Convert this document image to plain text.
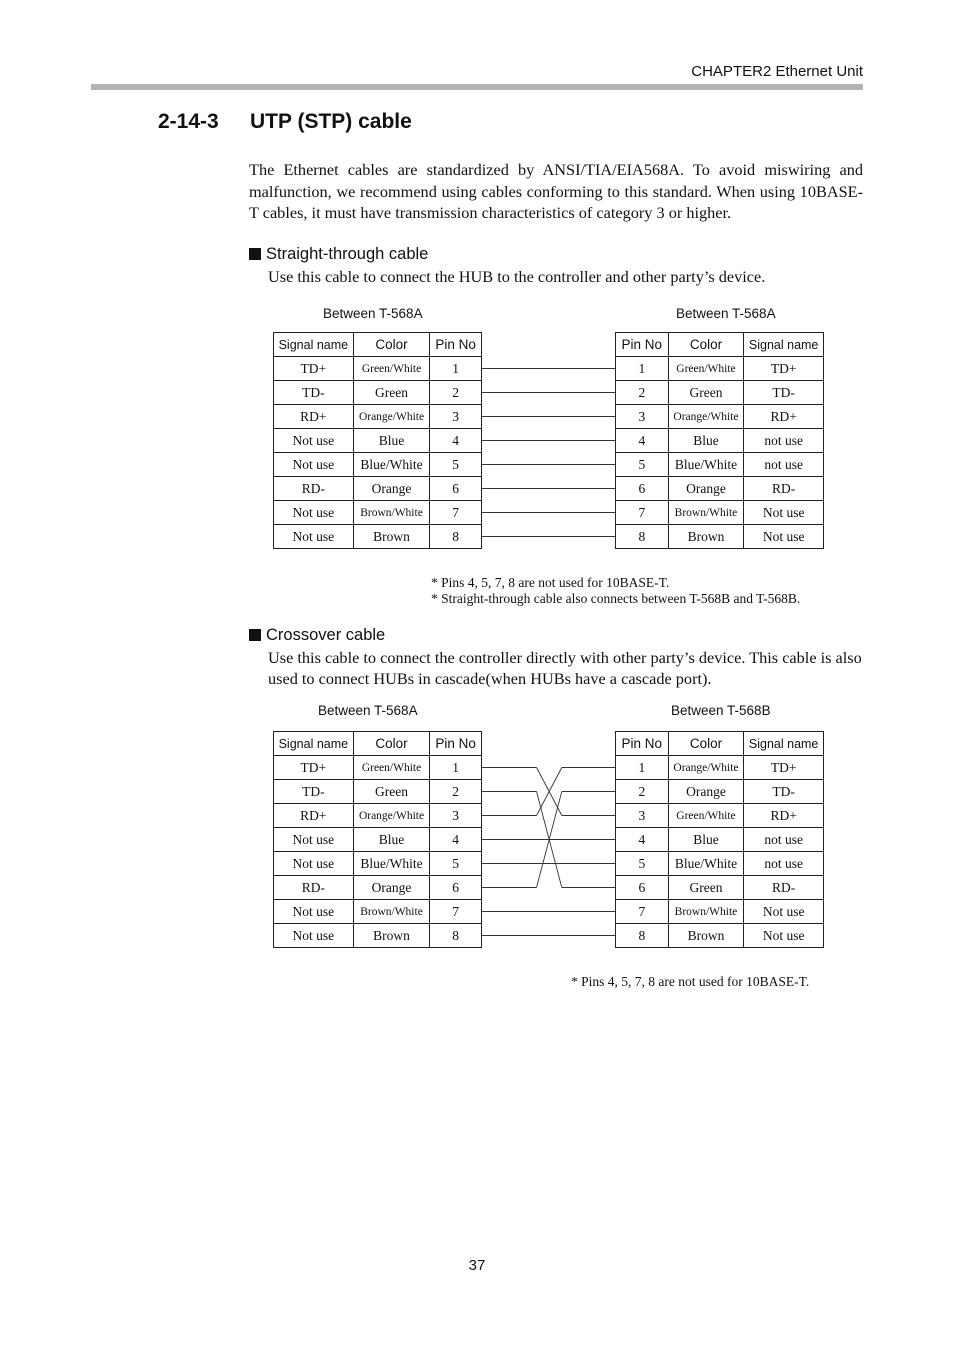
CHAPTER2 Ethernet Unit
2-14-3 UTP (STP) cable
The Ethernet cables are standardized by ANSI/TIA/EIA568A. To avoid miswiring and malfunction, we recommend using cables conforming to this standard. When using 10BASE-T cables, it must have transmission characteristics of category 3 or higher.
Straight-through cable
Use this cable to connect the HUB to the controller and other party’s device.
Between T-568A	Between T-568A
Signal name	Color	Pin No
TD+	Green/White	1
TD-	Green	2
RD+	Orange/White	3
Not use	Blue	4
Not use	Blue/White	5
RD-	Orange	6
Not use	Brown/White	7
Not use	Brown	8
Pin No	Color	Signal name
1	Green/White	TD+
2	Green	TD-
3	Orange/White	RD+
4	Blue	not use
5	Blue/White	not use
6	Orange	RD-
7	Brown/White	Not use
8	Brown	Not use
* Pins 4, 5, 7, 8 are not used for 10BASE-T.
* Straight-through cable also connects between T-568B and T-568B.
Crossover cable
Use this cable to connect the controller directly with other party’s device. This cable is also used to connect HUBs in cascade(when HUBs have a cascade port).
Between T-568A	Between T-568B
Signal name	Color	Pin No
TD+	Green/White	1
TD-	Green	2
RD+	Orange/White	3
Not use	Blue	4
Not use	Blue/White	5
RD-	Orange	6
Not use	Brown/White	7
Not use	Brown	8
Pin No	Color	Signal name
1	Orange/White	TD+
2	Orange	TD-
3	Green/White	RD+
4	Blue	not use
5	Blue/White	not use
6	Green	RD-
7	Brown/White	Not use
8	Brown	Not use
* Pins 4, 5, 7, 8 are not used for 10BASE-T.
37
